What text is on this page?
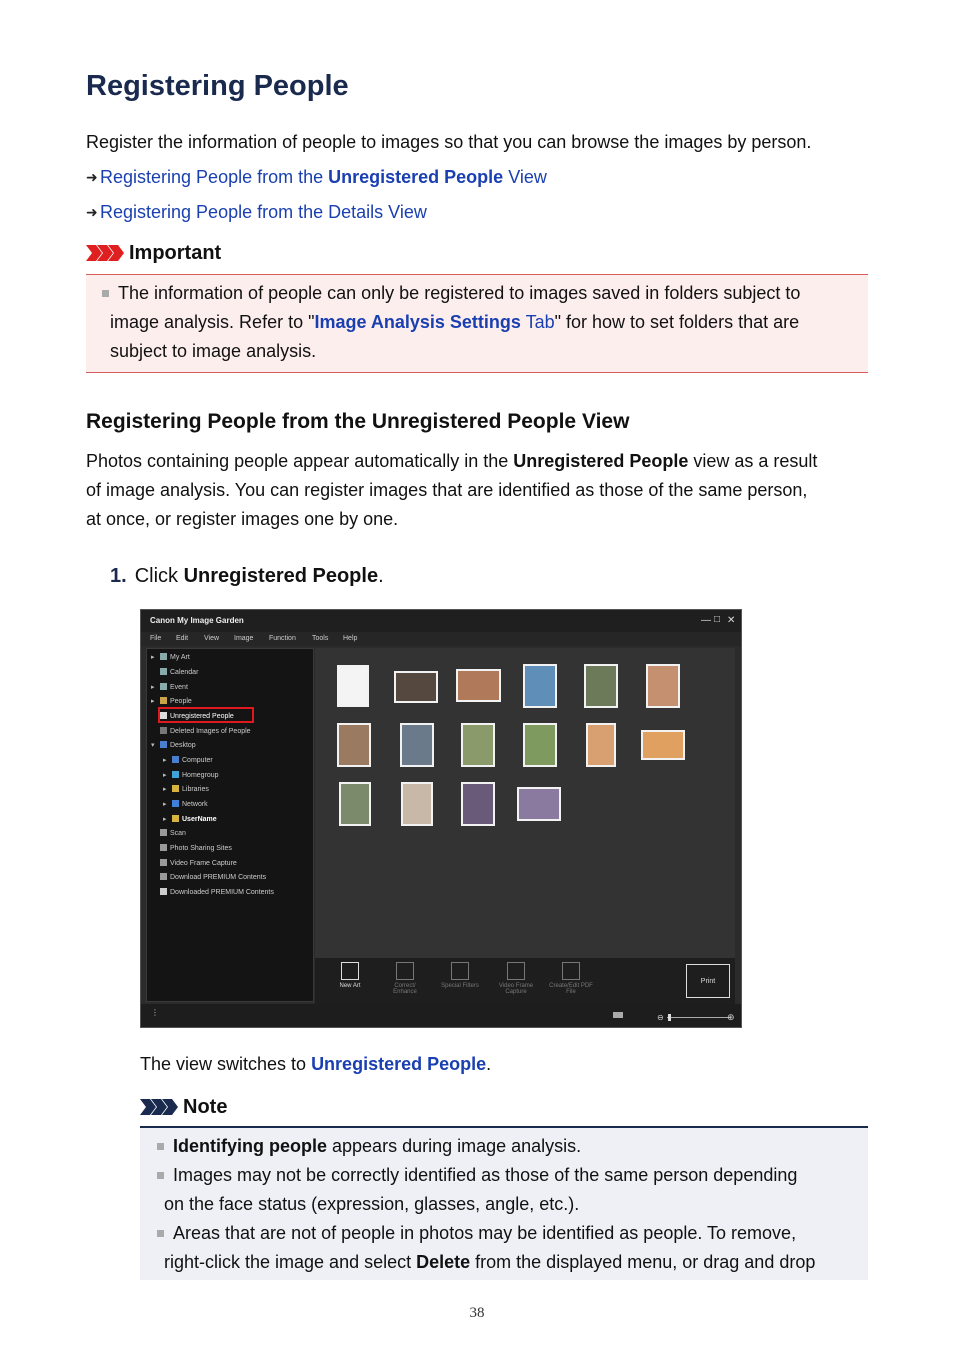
Registering People
Register the information of people to images so that you can browse the images by person.
➜ Registering People from the Unregistered People View
➜ Registering People from the Details View
Important
The information of people can only be registered to images saved in folders subject to
image analysis. Refer to "Image Analysis Settings Tab" for how to set folders that are
subject to image analysis.
Registering People from the Unregistered People View
Photos containing people appear automatically in the Unregistered People view as a result
of image analysis. You can register images that are identified as those of the same person,
at once, or register images one by one.
1. Click Unregistered People.
Canon My Image Garden	— □ ✕
File Edit View Image Function Tools Help
▸ My Art
Calendar
▸ Event
▸ People
Unregistered People
Deleted Images of People
▾ Desktop
▸ Computer
▸ Homegroup
▸ Libraries
▸ Network
▸ UserName
Scan
Photo Sharing Sites
Video Frame Capture
Download PREMIUM Contents
Downloaded PREMIUM Contents
New Art	Correct/ Enhance
Special Filters	Video Frame Capture
Create/Edit PDF File
Print
⋮
⊖	⊕
The view switches to Unregistered People.
Note
Identifying people appears during image analysis.
Images may not be correctly identified as those of the same person depending
on the face status (expression, glasses, angle, etc.).
Areas that are not of people in photos may be identified as people. To remove,
right-click the image and select Delete from the displayed menu, or drag and drop
38
